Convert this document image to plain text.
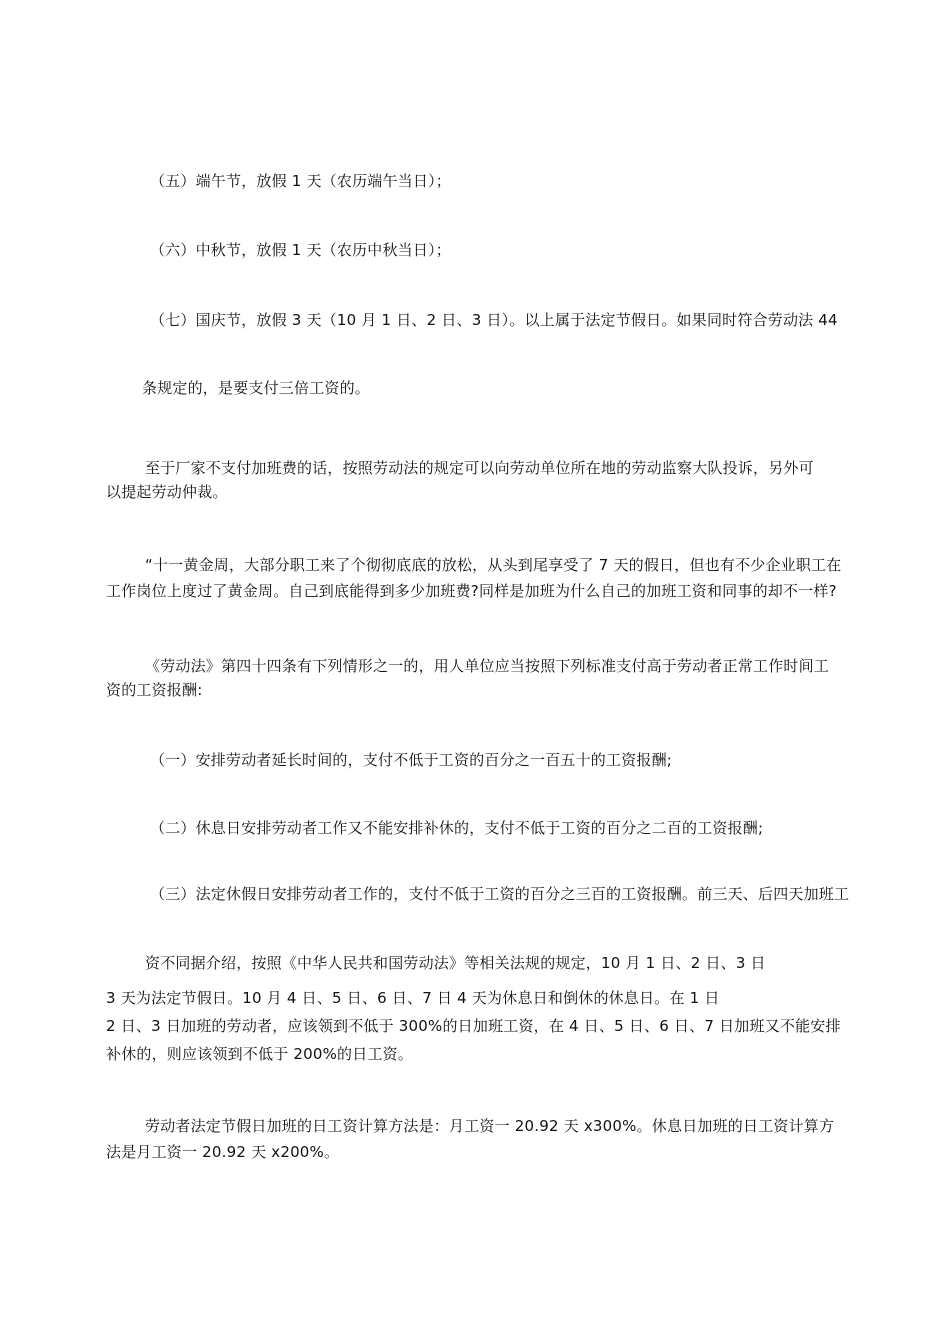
（五）端午节，放假 1 天（农历端午当日）；
（六）中秋节，放假 1 天（农历中秋当日）；
（七）国庆节，放假 3 天（10 月 1 日、2 日、3 日）。以上属于法定节假日。如果同时符合劳动法 44
条规定的，是要支付三倍工资的。
至于厂家不支付加班费的话，按照劳动法的规定可以向劳动单位所在地的劳动监察大队投诉，另外可
以提起劳动仲裁。
“十一黄金周，大部分职工来了个彻彻底底的放松，从头到尾享受了 7 天的假日，但也有不少企业职工在
工作岗位上度过了黄金周。自己到底能得到多少加班费?同样是加班为什么自己的加班工资和同事的却不一样?
《劳动法》第四十四条有下列情形之一的，用人单位应当按照下列标准支付高于劳动者正常工作时间工
资的工资报酬:
（一）安排劳动者延长时间的，支付不低于工资的百分之一百五十的工资报酬;
（二）休息日安排劳动者工作又不能安排补休的，支付不低于工资的百分之二百的工资报酬;
（三）法定休假日安排劳动者工作的，支付不低于工资的百分之三百的工资报酬。前三天、后四天加班工
资不同据介绍，按照《中华人民共和国劳动法》等相关法规的规定，10 月 1 日、2 日、3 日
3 天为法定节假日。10 月 4 日、5 日、6 日、7 日 4 天为休息日和倒休的休息日。在 1 日
2 日、3 日加班的劳动者，应该领到不低于 300%的日加班工资，在 4 日、5 日、6 日、7 日加班又不能安排
补休的，则应该领到不低于 200%的日工资。
劳动者法定节假日加班的日工资计算方法是：月工资一 20.92 天 x300%。休息日加班的日工资计算方
法是月工资一 20.92 天 x200%。
